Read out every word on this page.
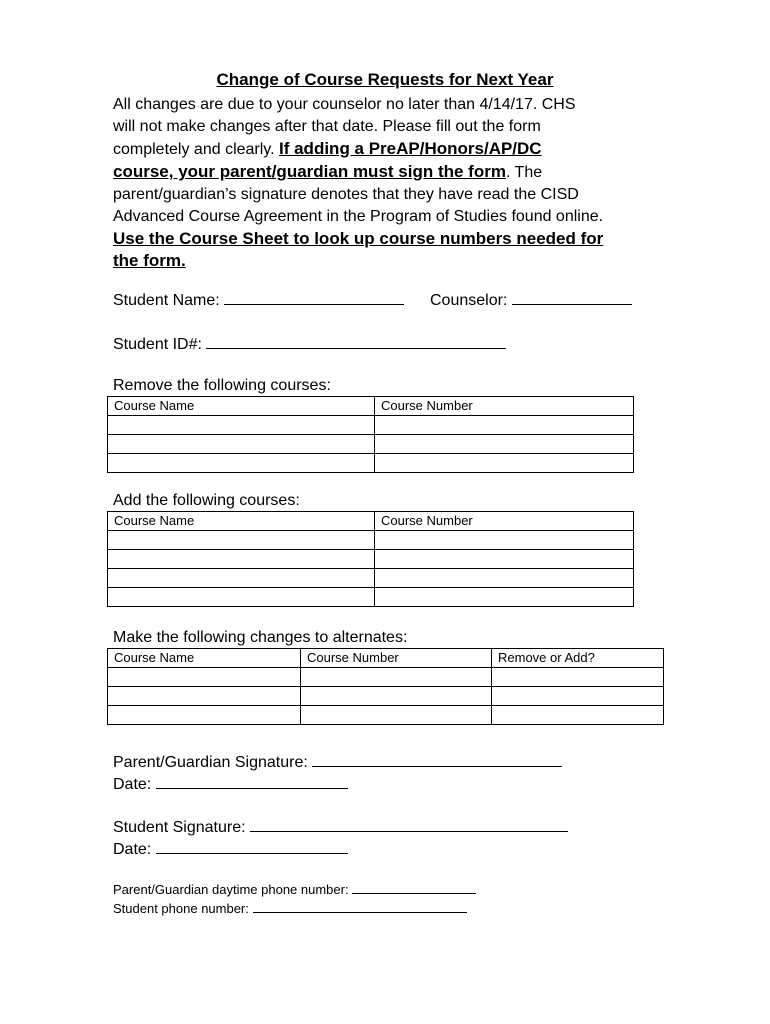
Change of Course Requests for Next Year
All changes are due to your counselor no later than 4/14/17. CHS
will not make changes after that date. Please fill out the form
completely and clearly. If adding a PreAP/Honors/AP/DC
course, your parent/guardian must sign the form. The
parent/guardian’s signature denotes that they have read the CISD
Advanced Course Agreement in the Program of Studies found online.
Use the Course Sheet to look up course numbers needed for
the form.
Student Name:	Counselor:
Student ID#:
Remove the following courses:
Course Name	Course Number

Add the following courses:
Course Name	Course Number

Make the following changes to alternates:
Course Name	Course Number	Remove or Add?

Parent/Guardian Signature:
Date:
Student Signature:
Date:
Parent/Guardian daytime phone number:
Student phone number:
